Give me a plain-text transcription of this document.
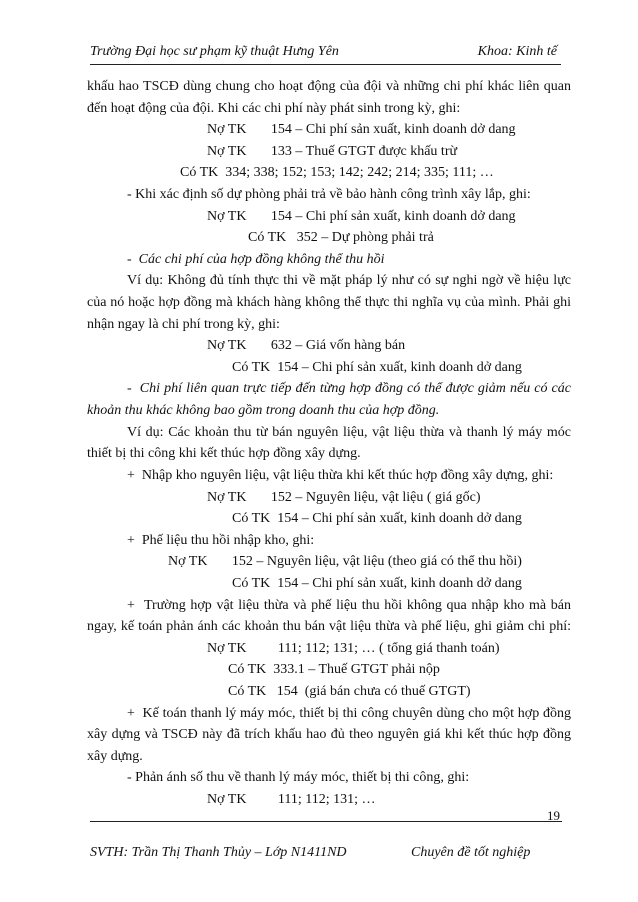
Trường Đại học sư phạm kỹ thuật Hưng Yên	Khoa: Kinh tế
khấu hao TSCĐ dùng chung cho hoạt động của đội và những chi phí khác liên quan
đến hoạt động của đội. Khi các chi phí này phát sinh trong kỳ, ghi:
Nợ TK       154 – Chi phí sản xuất, kinh doanh dở dang
Nợ TK       133 – Thuế GTGT được khấu trừ
Có TK  334; 338; 152; 153; 142; 242; 214; 335; 111; …
- Khi xác định số dự phòng phải trả về bảo hành công trình xây lắp, ghi:
Nợ TK       154 – Chi phí sản xuất, kinh doanh dở dang
Có TK   352 – Dự phòng phải trả
-  Các chi phí của hợp đồng không thể thu hồi
Ví dụ: Không đủ tính thực thi về mặt pháp lý như có sự nghi ngờ về hiệu lực
của nó hoặc hợp đồng mà khách hàng không thể thực thi nghĩa vụ của mình. Phải ghi
nhận ngay là chi phí trong kỳ, ghi:
Nợ TK       632 – Giá vốn hàng bán
Có TK  154 – Chi phí sản xuất, kinh doanh dở dang
-  Chi phí liên quan trực tiếp đến từng hợp đồng có thể được giảm nếu có các
khoản thu khác không bao gồm trong doanh thu của hợp đồng.
Ví dụ: Các khoản thu từ bán nguyên liệu, vật liệu thừa và thanh lý máy móc
thiết bị thi công khi kết thúc hợp đồng xây dựng.
+  Nhập kho nguyên liệu, vật liệu thừa khi kết thúc hợp đồng xây dựng, ghi:
Nợ TK       152 – Nguyên liệu, vật liệu ( giá gốc)
Có TK  154 – Chi phí sản xuất, kinh doanh dở dang
+  Phế liệu thu hồi nhập kho, ghi:
Nợ TK       152 – Nguyên liệu, vật liệu (theo giá có thể thu hồi)
Có TK  154 – Chi phí sản xuất, kinh doanh dở dang
+  Trường hợp vật liệu thừa và phế liệu thu hồi không qua nhập kho mà bán
ngay, kế toán phản ánh các khoản thu bán vật liệu thừa và phế liệu, ghi giảm chi phí:
Nợ TK         111; 112; 131; … ( tổng giá thanh toán)
Có TK  333.1 – Thuế GTGT phải nộp
Có TK   154  (giá bán chưa có thuế GTGT)
+  Kế toán thanh lý máy móc, thiết bị thi công chuyên dùng cho một hợp đồng
xây dựng và TSCĐ này đã trích khấu hao đủ theo nguyên giá khi kết thúc hợp đồng
xây dựng.
- Phản ánh số thu về thanh lý máy móc, thiết bị thi công, ghi:
Nợ TK         111; 112; 131; …
19
SVTH: Trần Thị Thanh Thủy – Lớp N1411ND	Chuyên đề tốt nghiệp
